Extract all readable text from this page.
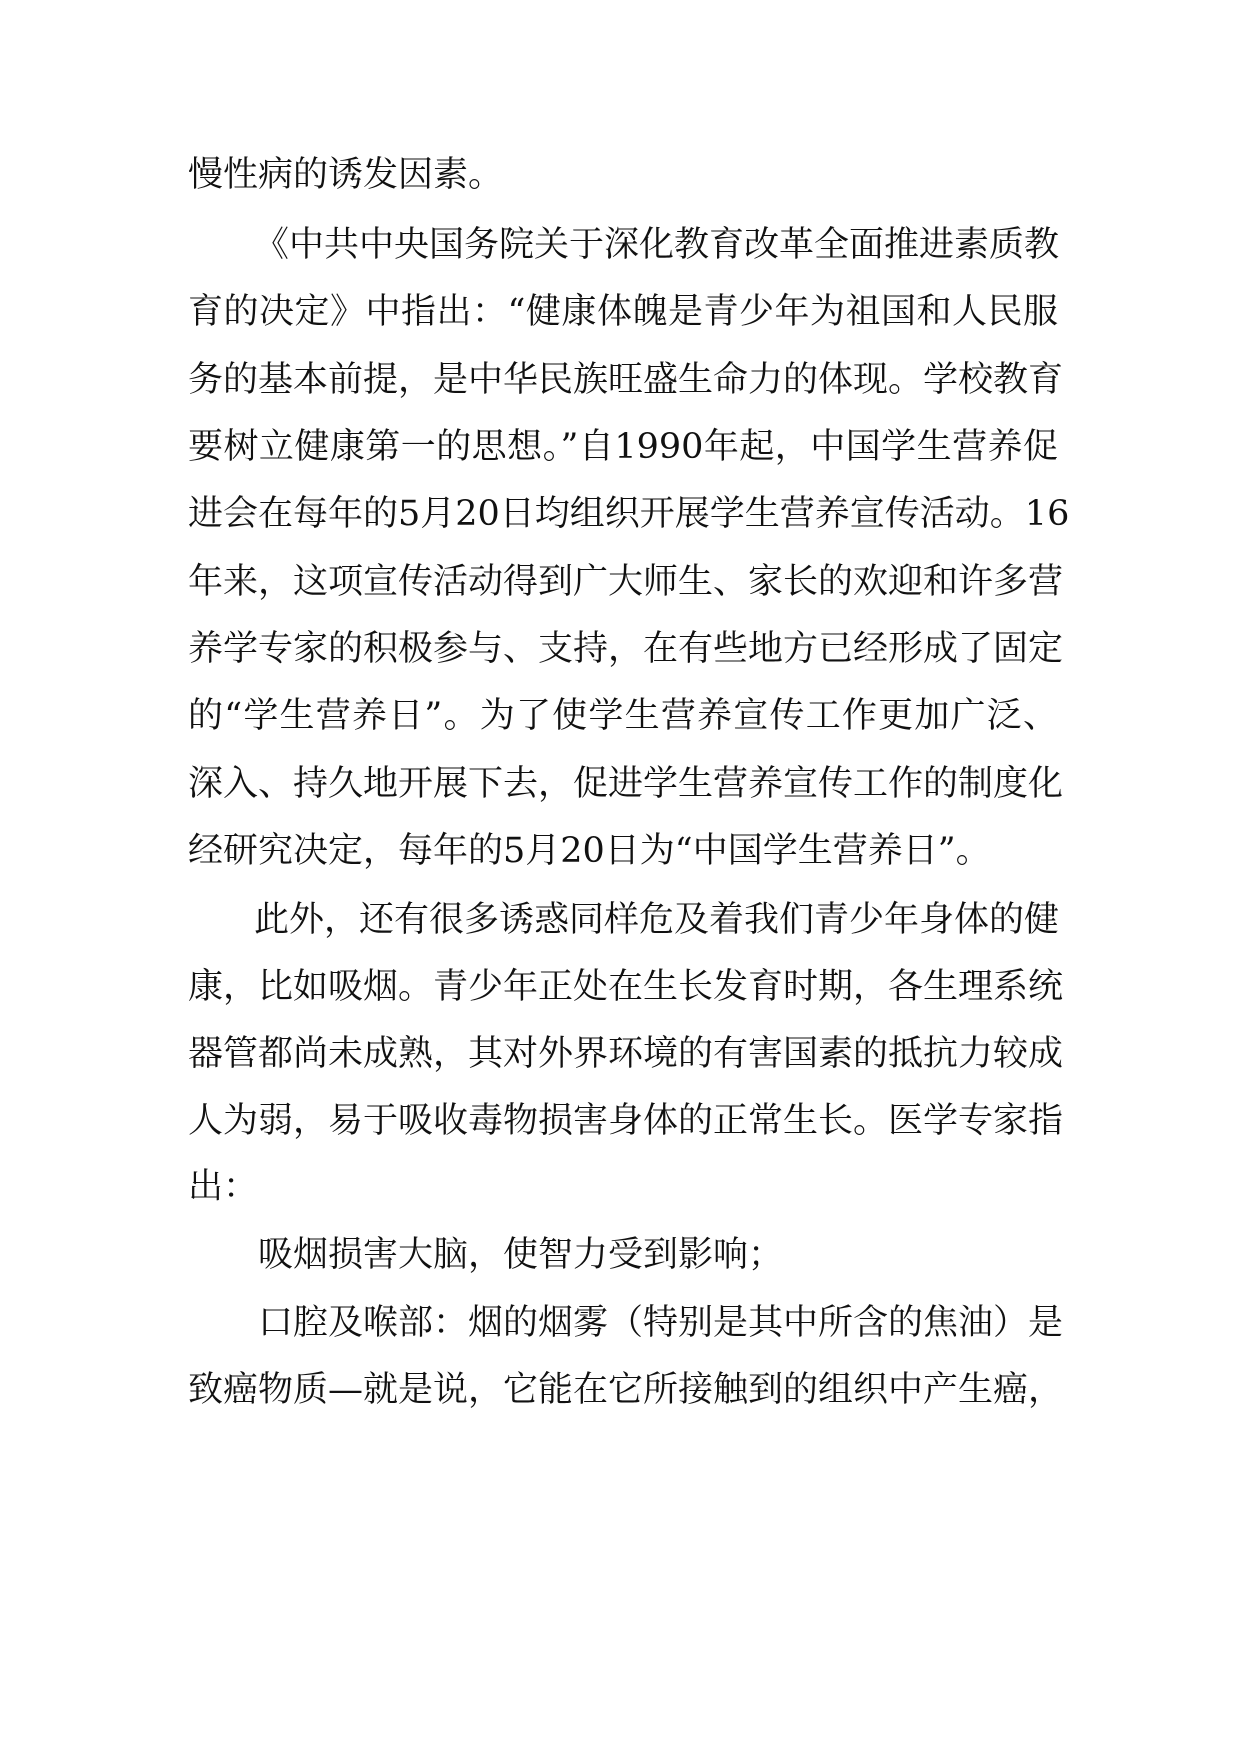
慢性病的诱发因素。
《中共中央国务院关于深化教育改革全面推进素质教
育的决定》中指出：“健康体魄是青少年为祖国和人民服
务的基本前提，是中华民族旺盛生命力的体现。学校教育
要树立健康第一的思想。”自1990年起，中国学生营养促
进会在每年的5月20日均组织开展学生营养宣传活动。16
年来，这项宣传活动得到广大师生、家长的欢迎和许多营
养学专家的积极参与、支持，在有些地方已经形成了固定
的“学生营养日”。为了使学生营养宣传工作更加广泛、
深入、持久地开展下去，促进学生营养宣传工作的制度化
经研究决定，每年的5月20日为“中国学生营养日”。
此外，还有很多诱惑同样危及着我们青少年身体的健
康，比如吸烟。青少年正处在生长发育时期，各生理系统
器管都尚未成熟，其对外界环境的有害国素的抵抗力较成
人为弱，易于吸收毒物损害身体的正常生长。医学专家指
出：
吸烟损害大脑，使智力受到影响；
口腔及喉部：烟的烟雾（特别是其中所含的焦油）是
致癌物质—就是说，它能在它所接触到的组织中产生癌，
